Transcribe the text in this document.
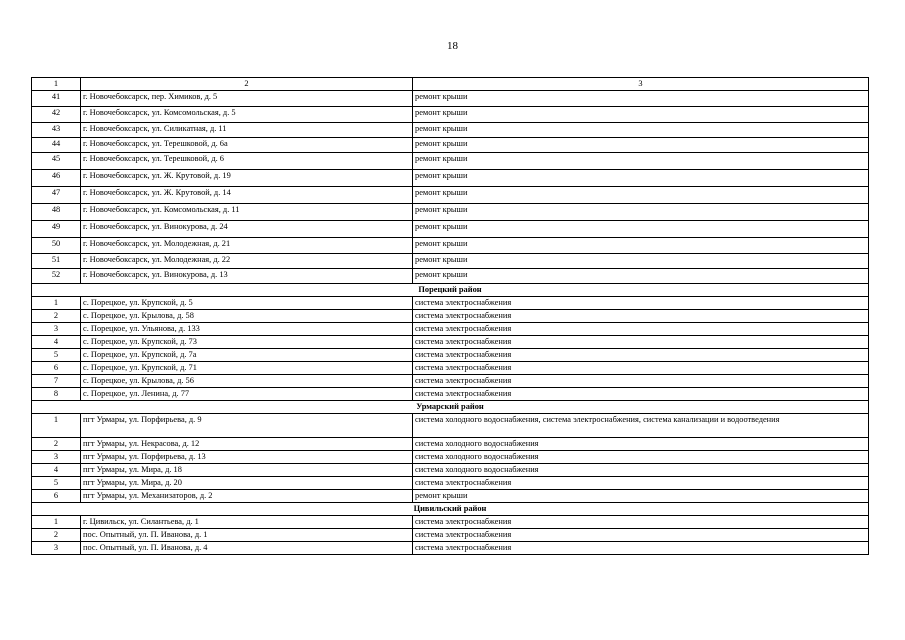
18
1	2	3
41	г. Новочебоксарск, пер. Химиков, д. 5	ремонт крыши
42	г. Новочебоксарск, ул. Комсомольская, д. 5	ремонт крыши
43	г. Новочебоксарск, ул. Силикатная, д. 11	ремонт крыши
44	г. Новочебоксарск, ул. Терешковой, д. 6а	ремонт крыши
45	г. Новочебоксарск, ул. Терешковой, д. 6	ремонт крыши
46	г. Новочебоксарск, ул. Ж. Крутовой, д. 19	ремонт крыши
47	г. Новочебоксарск, ул. Ж. Крутовой, д. 14	ремонт крыши
48	г. Новочебоксарск, ул. Комсомольская, д. 11	ремонт крыши
49	г. Новочебоксарск, ул. Винокурова, д. 24	ремонт крыши
50	г. Новочебоксарск, ул. Молодежная, д. 21	ремонт крыши
51	г. Новочебоксарск, ул. Молодежная, д. 22	ремонт крыши
52	г. Новочебоксарск, ул. Винокурова, д. 13	ремонт крыши
Порецкий район		
1	с. Порецкое, ул. Крупской, д. 5	система электроснабжения
2	с. Порецкое, ул. Крылова, д. 58	система электроснабжения
3	с. Порецкое, ул. Ульянова, д. 133	система электроснабжения
4	с. Порецкое, ул. Крупской, д. 73	система электроснабжения
5	с. Порецкое, ул. Крупской, д. 7а	система электроснабжения
6	с. Порецкое, ул. Крупской, д. 71	система электроснабжения
7	с. Порецкое, ул. Крылова, д. 56	система электроснабжения
8	с. Порецкое, ул. Ленина, д. 77	система электроснабжения
Урмарский район		
1	пгт Урмары, ул. Порфирьева, д. 9	система холодного водоснабжения, система электроснабжения, система канализации и водоотведения
2	пгт Урмары, ул. Некрасова, д. 12	система холодного водоснабжения
3	пгт Урмары, ул. Порфирьева, д. 13	система холодного водоснабжения
4	пгт Урмары, ул. Мира, д. 18	система холодного водоснабжения
5	пгт Урмары, ул. Мира, д. 20	система электроснабжения
6	пгт Урмары, ул. Механизаторов, д. 2	ремонт крыши
Цивильский район		
1	г. Цивильск, ул. Силантьева, д. 1	система электроснабжения
2	пос. Опытный, ул. П. Иванова, д. 1	система электроснабжения
3	пос. Опытный, ул. П. Иванова, д. 4	система электроснабжения
